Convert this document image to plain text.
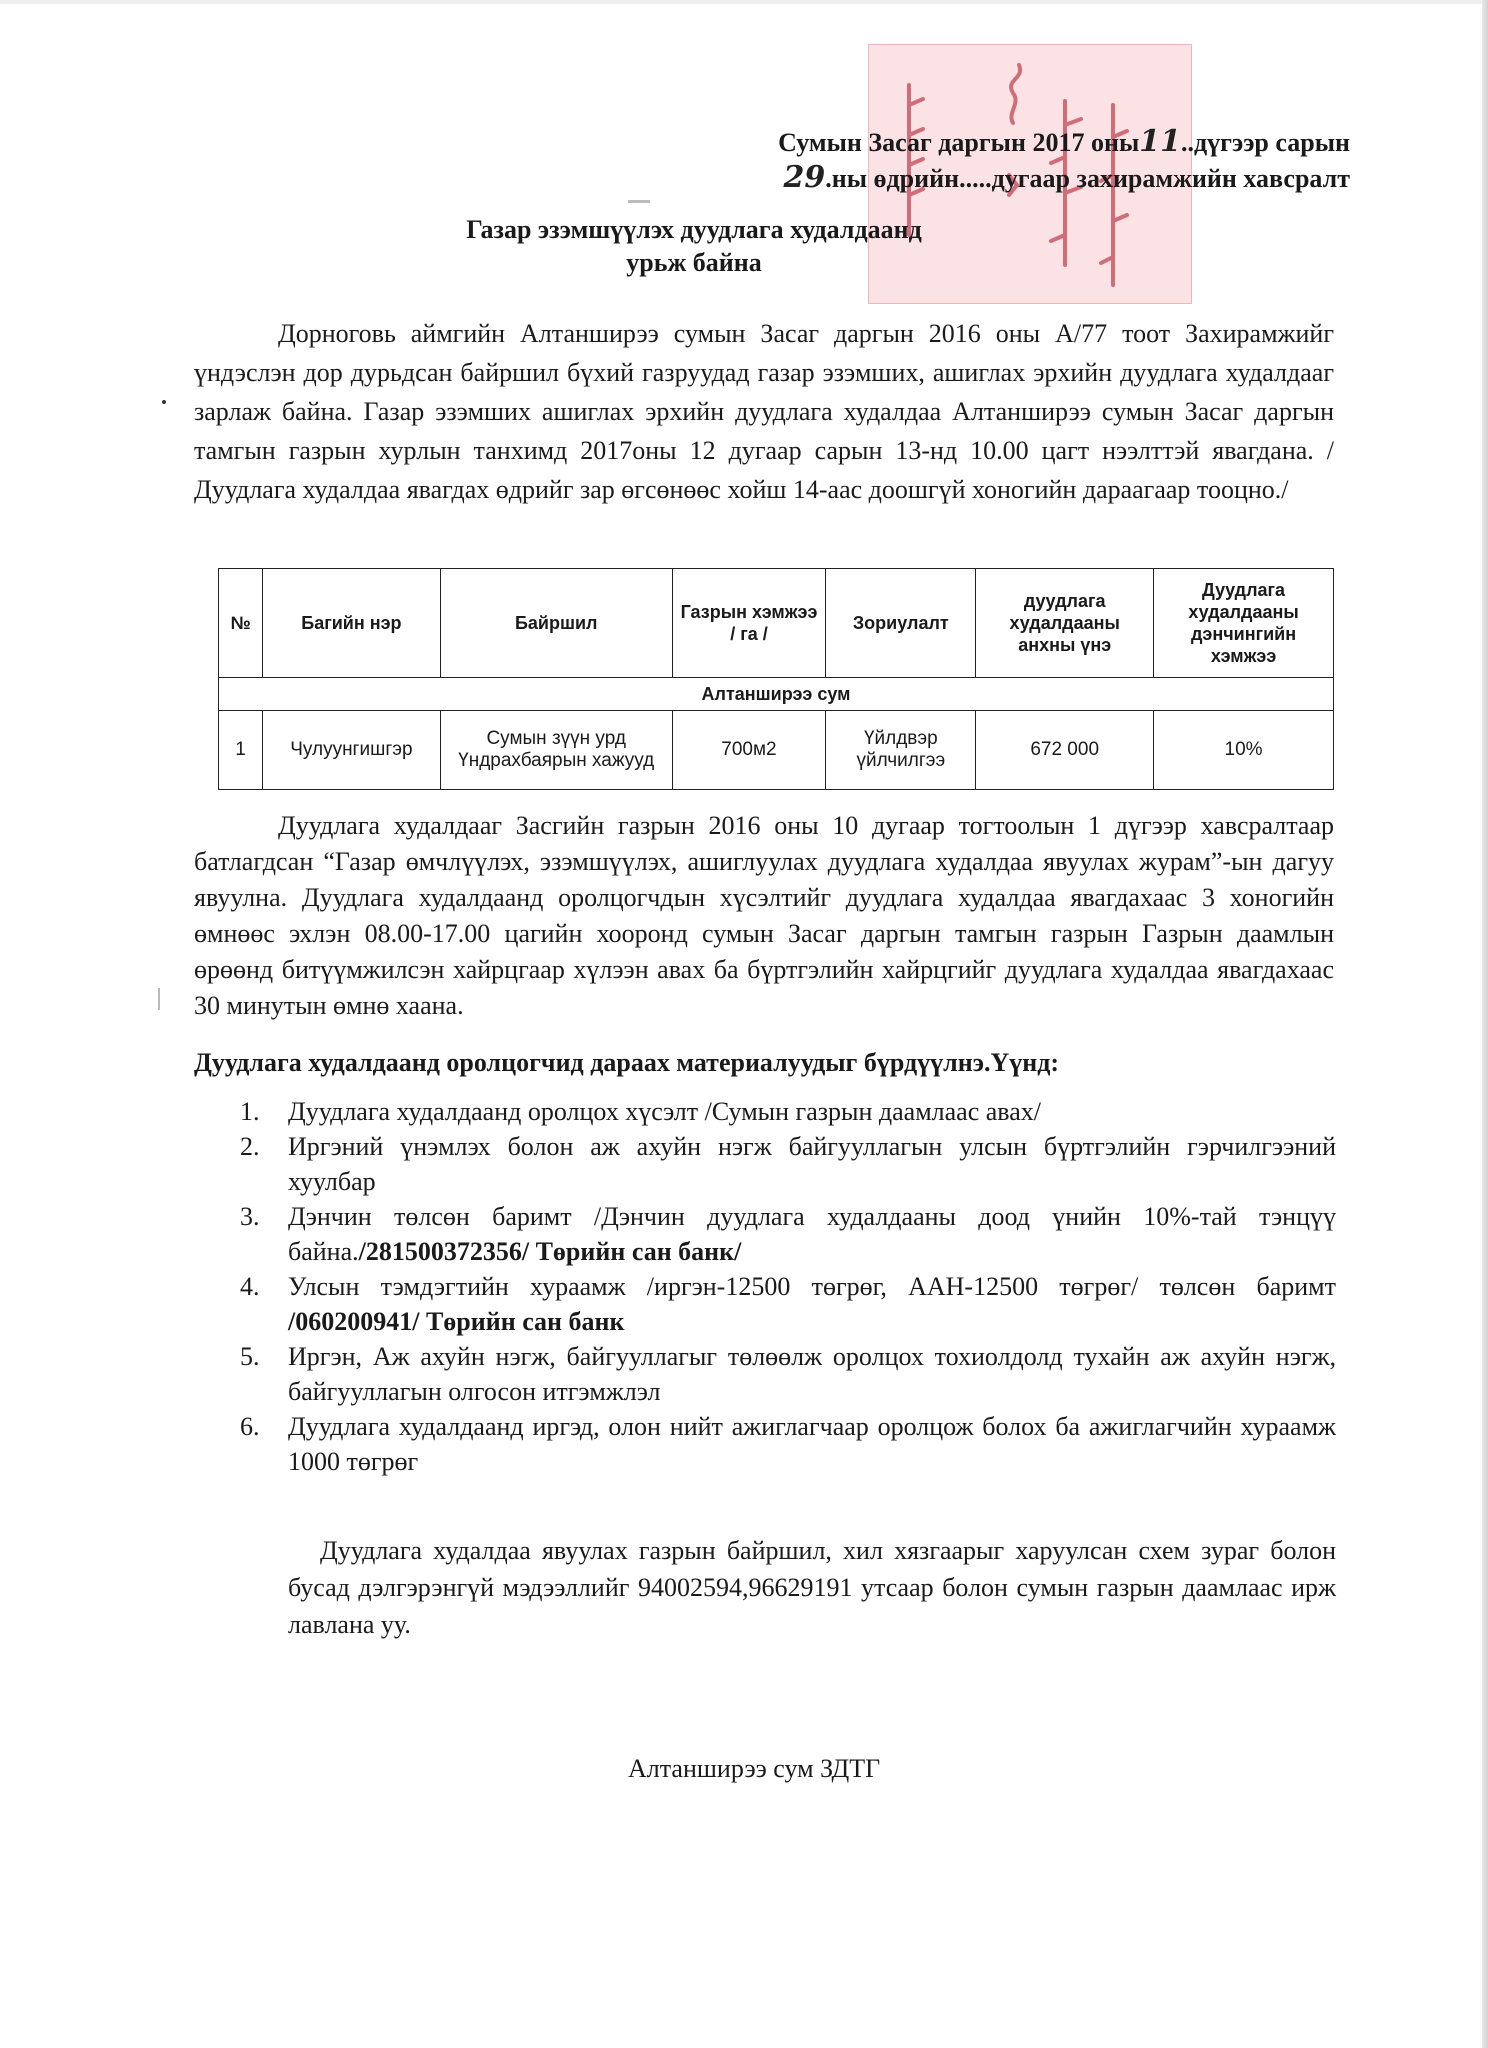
Сумын Засаг даргын 2017 оны11..дүгээр сарын
29.ны өдрийн.....дугаар захирамжийн хавсралт
Газар эзэмшүүлэх дуудлага худалдаанд
урьж байна
Дорноговь аймгийн Алтанширээ сумын Засаг даргын 2016 оны А/77 тоот Захирамжийг үндэслэн дор дурьдсан байршил бүхий газруудад газар эзэмших, ашиглах эрхийн дуудлага худалдааг зарлаж байна. Газар эзэмших ашиглах эрхийн дуудлага худалдаа Алтанширээ сумын Засаг даргын тамгын газрын хурлын танхимд 2017оны 12 дугаар сарын 13-нд 10.00 цагт нээлттэй явагдана. /Дуудлага худалдаа явагдах өдрийг зар өгсөнөөс хойш 14-аас доошгүй хоногийн дараагаар тооцно./
№	Багийн нэр	Байршил	Газрын хэмжээ / га /	Зориулалт	дуудлага худалдааны анхны үнэ	Дуудлага худалдааны дэнчингийн хэмжээ
Алтанширээ сум						
1	Чулуунгишгэр	Сумын зүүн урд Үндрахбаярын хажууд	700м2	Үйлдвэр үйлчилгээ	672 000	10%
Дуудлага худалдааг Засгийн газрын 2016 оны 10 дугаар тогтоолын 1 дүгээр хавсралтаар батлагдсан “Газар өмчлүүлэх, эзэмшүүлэх, ашиглуулах дуудлага худалдаа явуулах журам”-ын дагуу явуулна. Дуудлага худалдаанд оролцогчдын хүсэлтийг дуудлага худалдаа явагдахаас 3 хоногийн өмнөөс эхлэн 08.00-17.00 цагийн хооронд сумын Засаг даргын тамгын газрын Газрын даамлын өрөөнд битүүмжилсэн хайрцгаар хүлээн авах ба бүртгэлийн хайрцгийг дуудлага худалдаа явагдахаас 30 минутын өмнө хаана.
Дуудлага худалдаанд оролцогчид дараах материалуудыг бүрдүүлнэ.Үүнд:
1. Дуудлага худалдаанд оролцох хүсэлт /Сумын газрын даамлаас авах/
2. Иргэний үнэмлэх болон аж ахуйн нэгж байгууллагын улсын бүртгэлийн гэрчилгээний хуулбар
3. Дэнчин төлсөн баримт /Дэнчин дуудлага худалдааны доод үнийн 10%-тай тэнцүү байна./281500372356/ Төрийн сан банк/
4. Улсын тэмдэгтийн хураамж /иргэн-12500 төгрөг, ААН-12500 төгрөг/ төлсөн баримт /060200941/ Төрийн сан банк
5. Иргэн, Аж ахуйн нэгж, байгууллагыг төлөөлж оролцох тохиолдолд тухайн аж ахуйн нэгж, байгууллагын олгосон итгэмжлэл
6. Дуудлага худалдаанд иргэд, олон нийт ажиглагчаар оролцож болох ба ажиглагчийн хураамж 1000 төгрөг
Дуудлага худалдаа явуулах газрын байршил, хил хязгаарыг харуулсан схем зураг болон бусад дэлгэрэнгүй мэдээллийг 94002594,96629191 утсаар болон сумын газрын даамлаас ирж лавлана уу.
Алтанширээ сум ЗДТГ
